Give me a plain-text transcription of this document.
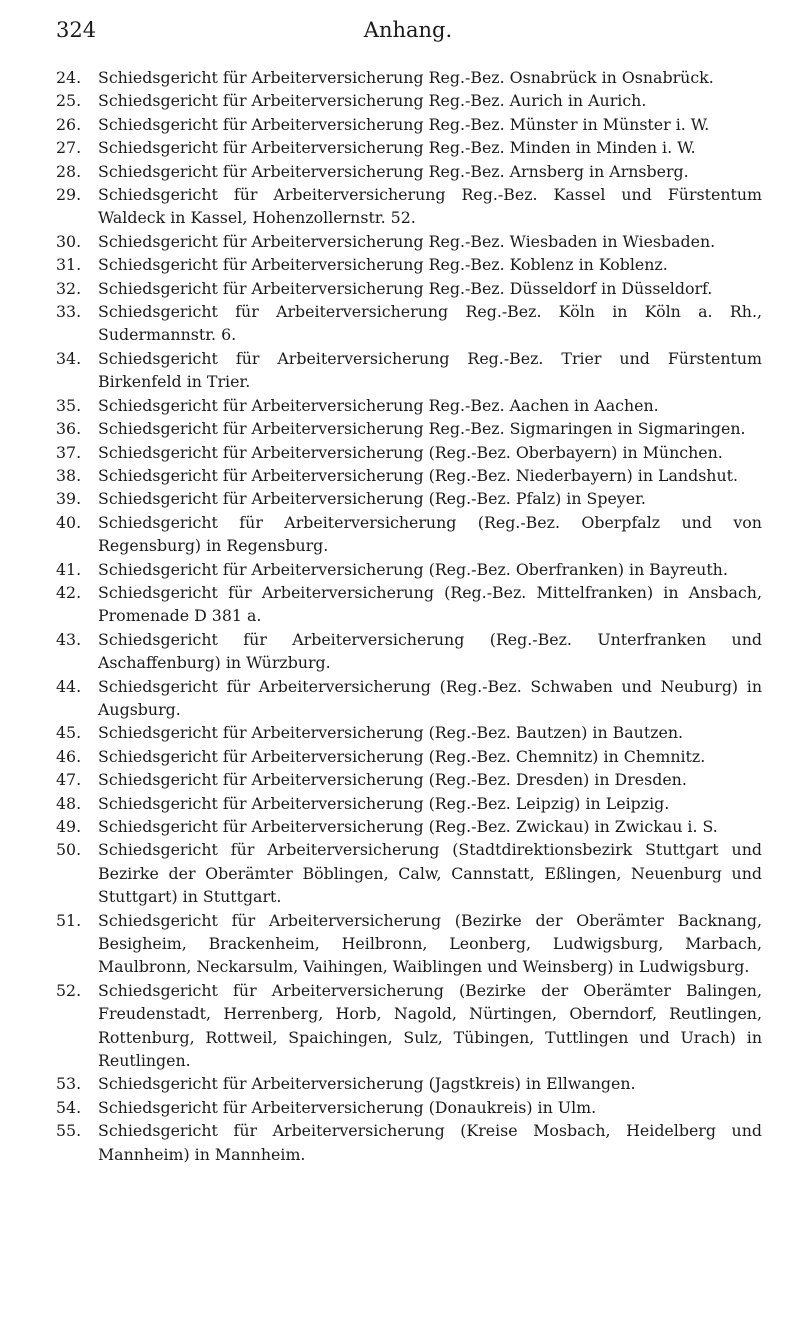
324	Anhang.
24. Schiedsgericht für Arbeiterversicherung Reg.-Bez. Osnabrück in Osnabrück.
25. Schiedsgericht für Arbeiterversicherung Reg.-Bez. Aurich in Aurich.
26. Schiedsgericht für Arbeiterversicherung Reg.-Bez. Münster in Münster i. W.
27. Schiedsgericht für Arbeiterversicherung Reg.-Bez. Minden in Minden i. W.
28. Schiedsgericht für Arbeiterversicherung Reg.-Bez. Arnsberg in Arnsberg.
29. Schiedsgericht für Arbeiterversicherung Reg.-Bez. Kassel und Fürstentum Waldeck in Kassel, Hohenzollernstr. 52.
30. Schiedsgericht für Arbeiterversicherung Reg.-Bez. Wiesbaden in Wiesbaden.
31. Schiedsgericht für Arbeiterversicherung Reg.-Bez. Koblenz in Koblenz.
32. Schiedsgericht für Arbeiterversicherung Reg.-Bez. Düsseldorf in Düsseldorf.
33. Schiedsgericht für Arbeiterversicherung Reg.-Bez. Köln in Köln a. Rh., Sudermannstr. 6.
34. Schiedsgericht für Arbeiterversicherung Reg.-Bez. Trier und Fürstentum Birkenfeld in Trier.
35. Schiedsgericht für Arbeiterversicherung Reg.-Bez. Aachen in Aachen.
36. Schiedsgericht für Arbeiterversicherung Reg.-Bez. Sigmaringen in Sigmaringen.
37. Schiedsgericht für Arbeiterversicherung (Reg.-Bez. Oberbayern) in München.
38. Schiedsgericht für Arbeiterversicherung (Reg.-Bez. Niederbayern) in Landshut.
39. Schiedsgericht für Arbeiterversicherung (Reg.-Bez. Pfalz) in Speyer.
40. Schiedsgericht für Arbeiterversicherung (Reg.-Bez. Oberpfalz und von Regensburg) in Regensburg.
41. Schiedsgericht für Arbeiterversicherung (Reg.-Bez. Oberfranken) in Bayreuth.
42. Schiedsgericht für Arbeiterversicherung (Reg.-Bez. Mittelfranken) in Ansbach, Promenade D 381 a.
43. Schiedsgericht für Arbeiterversicherung (Reg.-Bez. Unterfranken und Aschaffenburg) in Würzburg.
44. Schiedsgericht für Arbeiterversicherung (Reg.-Bez. Schwaben und Neuburg) in Augsburg.
45. Schiedsgericht für Arbeiterversicherung (Reg.-Bez. Bautzen) in Bautzen.
46. Schiedsgericht für Arbeiterversicherung (Reg.-Bez. Chemnitz) in Chemnitz.
47. Schiedsgericht für Arbeiterversicherung (Reg.-Bez. Dresden) in Dresden.
48. Schiedsgericht für Arbeiterversicherung (Reg.-Bez. Leipzig) in Leipzig.
49. Schiedsgericht für Arbeiterversicherung (Reg.-Bez. Zwickau) in Zwickau i. S.
50. Schiedsgericht für Arbeiterversicherung (Stadtdirektionsbezirk Stuttgart und Bezirke der Oberämter Böblingen, Calw, Cannstatt, Eßlingen, Neuenburg und Stuttgart) in Stuttgart.
51. Schiedsgericht für Arbeiterversicherung (Bezirke der Oberämter Backnang, Besigheim, Brackenheim, Heilbronn, Leonberg, Ludwigsburg, Marbach, Maulbronn, Neckarsulm, Vaihingen, Waiblingen und Weinsberg) in Ludwigsburg.
52. Schiedsgericht für Arbeiterversicherung (Bezirke der Oberämter Balingen, Freudenstadt, Herrenberg, Horb, Nagold, Nürtingen, Oberndorf, Reutlingen, Rottenburg, Rottweil, Spaichingen, Sulz, Tübingen, Tuttlingen und Urach) in Reutlingen.
53. Schiedsgericht für Arbeiterversicherung (Jagstkreis) in Ellwangen.
54. Schiedsgericht für Arbeiterversicherung (Donaukreis) in Ulm.
55. Schiedsgericht für Arbeiterversicherung (Kreise Mosbach, Heidelberg und Mannheim) in Mannheim.
